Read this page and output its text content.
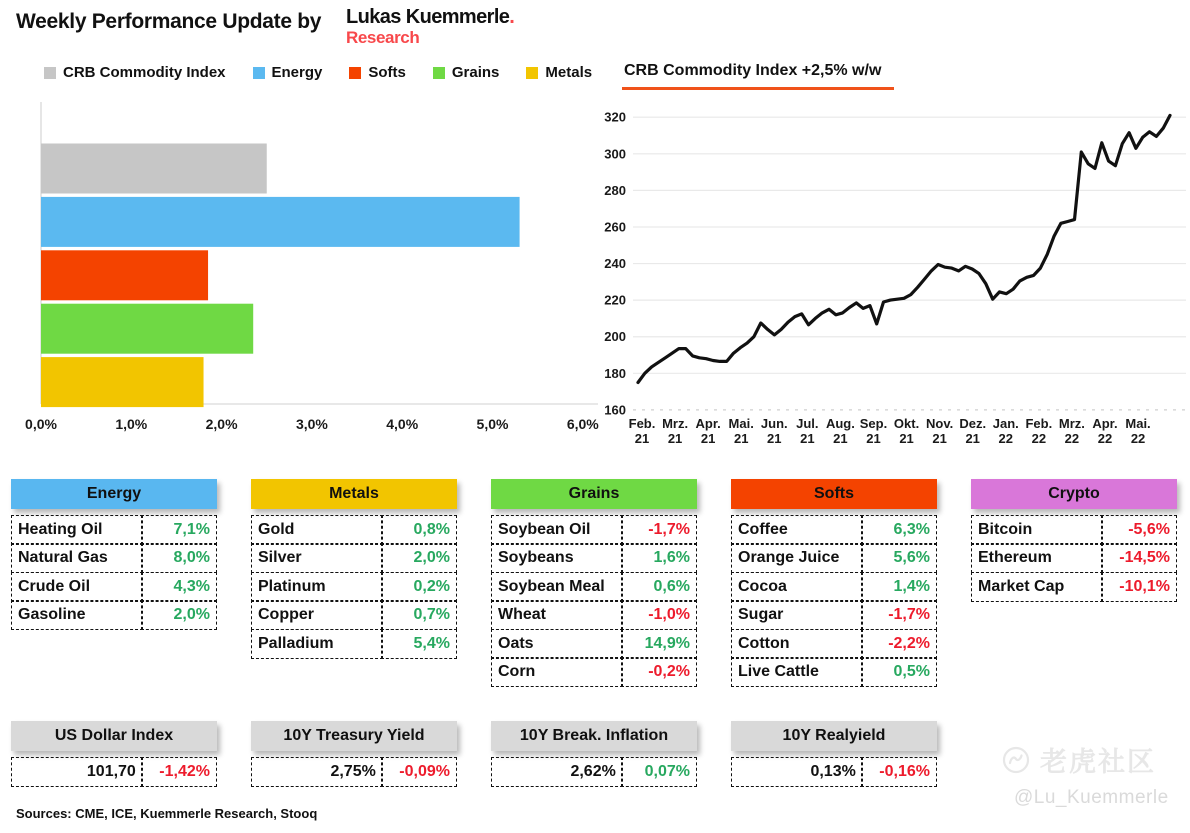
Weekly Performance Update by Lukas Kuemmerle.
Research
CRB Commodity Index	Energy	Softs	Grains	Metals
0,0%	1,0%	2,0%	3,0%	4,0%	5,0%	6,0%
CRB Commodity Index +2,5% w/w
320
300
280
260
240
220
200
180
160
Feb. 21
Mrz. 21
Apr. 21
Mai. 21
Jun. 21
Jul. 21
Aug. 21
Sep. 21
Okt. 21
Nov. 21
Dez. 21
Jan. 22
Feb. 22
Mrz. 22
Apr. 22
Mai. 22
Energy
Heating Oil	7,1%
Natural Gas	8,0%
Crude Oil	4,3%
Gasoline	2,0%
Metals
Gold	0,8%
Silver	2,0%
Platinum	0,2%
Copper	0,7%
Palladium	5,4%
Grains
Soybean Oil	-1,7%
Soybeans	1,6%
Soybean Meal	0,6%
Wheat	-1,0%
Oats	14,9%
Corn	-0,2%
Softs
Coffee	6,3%
Orange Juice	5,6%
Cocoa	1,4%
Sugar	-1,7%
Cotton	-2,2%
Live Cattle	0,5%
Crypto
Bitcoin	-5,6%
Ethereum	-14,5%
Market Cap	-10,1%
US Dollar Index
101,70	-1,42%
10Y Treasury Yield
2,75%	-0,09%
10Y Break. Inflation
2,62%	0,07%
10Y Realyield
0,13%	-0,16%
Sources: CME, ICE, Kuemmerle Research, Stooq
老虎社区
@Lu_Kuemmerle
